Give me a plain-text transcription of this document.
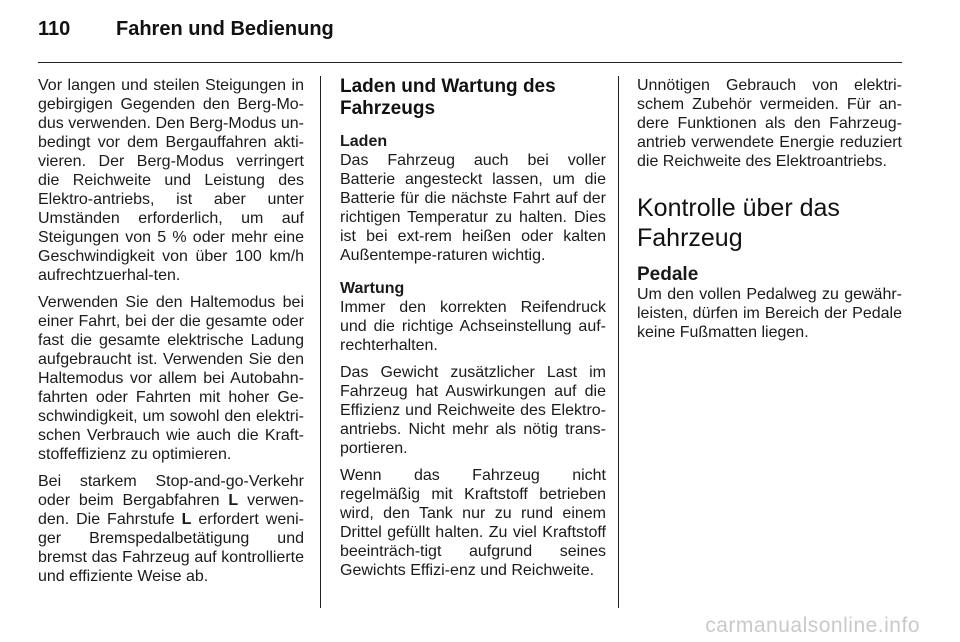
110	Fahren und Bedienung

Vor langen und steilen Steigungen in gebirgigen Gegenden den Berg-Mo-dus verwenden. Den Berg-Modus un-bedingt vor dem Bergauffahren akti-vieren. Der Berg-Modus verringert die Reichweite und Leistung des Elektro-antriebs, ist aber unter Umständen erforderlich, um auf Steigungen von 5 % oder mehr eine Geschwindigkeit von über 100 km/h aufrechtzuerhal-ten.

Verwenden Sie den Haltemodus bei einer Fahrt, bei der die gesamte oder fast die gesamte elektrische Ladung aufgebraucht ist. Verwenden Sie den Haltemodus vor allem bei Autobahn-fahrten oder Fahrten mit hoher Ge-schwindigkeit, um sowohl den elektri-schen Verbrauch wie auch die Kraft-stoffeffizienz zu optimieren.

Bei starkem Stop-and-go-Verkehr oder beim Bergabfahren L verwen-den. Die Fahrstufe L erfordert weni-ger Bremspedalbetätigung und bremst das Fahrzeug auf kontrollierte und effiziente Weise ab.

Laden und Wartung des Fahrzeugs
Laden

Das Fahrzeug auch bei voller Batterie angesteckt lassen, um die Batterie für die nächste Fahrt auf der richtigen Temperatur zu halten. Dies ist bei ext-rem heißen oder kalten Außentempe-raturen wichtig.

Wartung

Immer den korrekten Reifendruck und die richtige Achseinstellung auf-rechterhalten.

Das Gewicht zusätzlicher Last im Fahrzeug hat Auswirkungen auf die Effizienz und Reichweite des Elektro-antriebs. Nicht mehr als nötig trans-portieren.

Wenn das Fahrzeug nicht regelmäßig mit Kraftstoff betrieben wird, den Tank nur zu rund einem Drittel gefüllt halten. Zu viel Kraftstoff beeinträch-tigt aufgrund seines Gewichts Effizi-enz und Reichweite.

Unnötigen Gebrauch von elektri-schem Zubehör vermeiden. Für an-dere Funktionen als den Fahrzeug-antrieb verwendete Energie reduziert die Reichweite des Elektroantriebs.

Kontrolle über das Fahrzeug
Pedale

Um den vollen Pedalweg zu gewähr-leisten, dürfen im Bereich der Pedale keine Fußmatten liegen.

carmanualsonline.info
